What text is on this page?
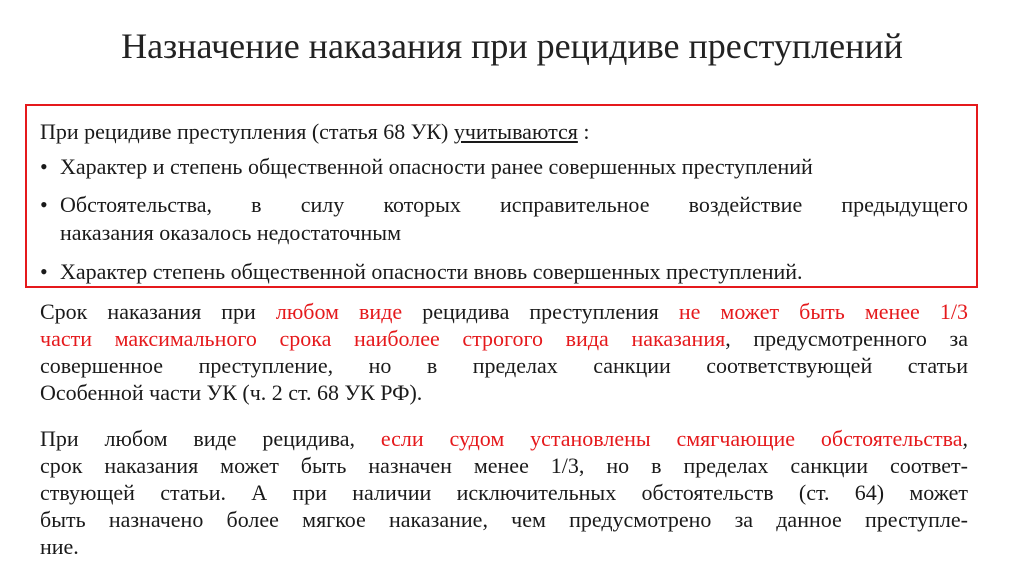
Назначение наказания при рецидиве преступлений
При рецидиве преступления (статья 68 УК) учитываются :
• Характер и степень общественной опасности ранее совершенных преступлений
• Обстоятельства, в силу которых исправительное воздействие предыдущего
наказания оказалось недостаточным
• Характер степень общественной опасности вновь совершенных преступлений.
Срок наказания при любом виде рецидива преступления не может быть менее 1/3
части максимального срока наиболее строгого вида наказания, предусмотренного за
совершенное преступление, но в пределах санкции соответствующей статьи
Особенной части УК (ч. 2 ст. 68 УК РФ).
При любом виде рецидива, если судом установлены смягчающие обстоятельства,
срок наказания может быть назначен менее 1/3, но в пределах санкции соответ-
ствующей статьи. А при наличии исключительных обстоятельств (ст. 64) может
быть назначено более мягкое наказание, чем предусмотрено за данное преступле-
ние.
